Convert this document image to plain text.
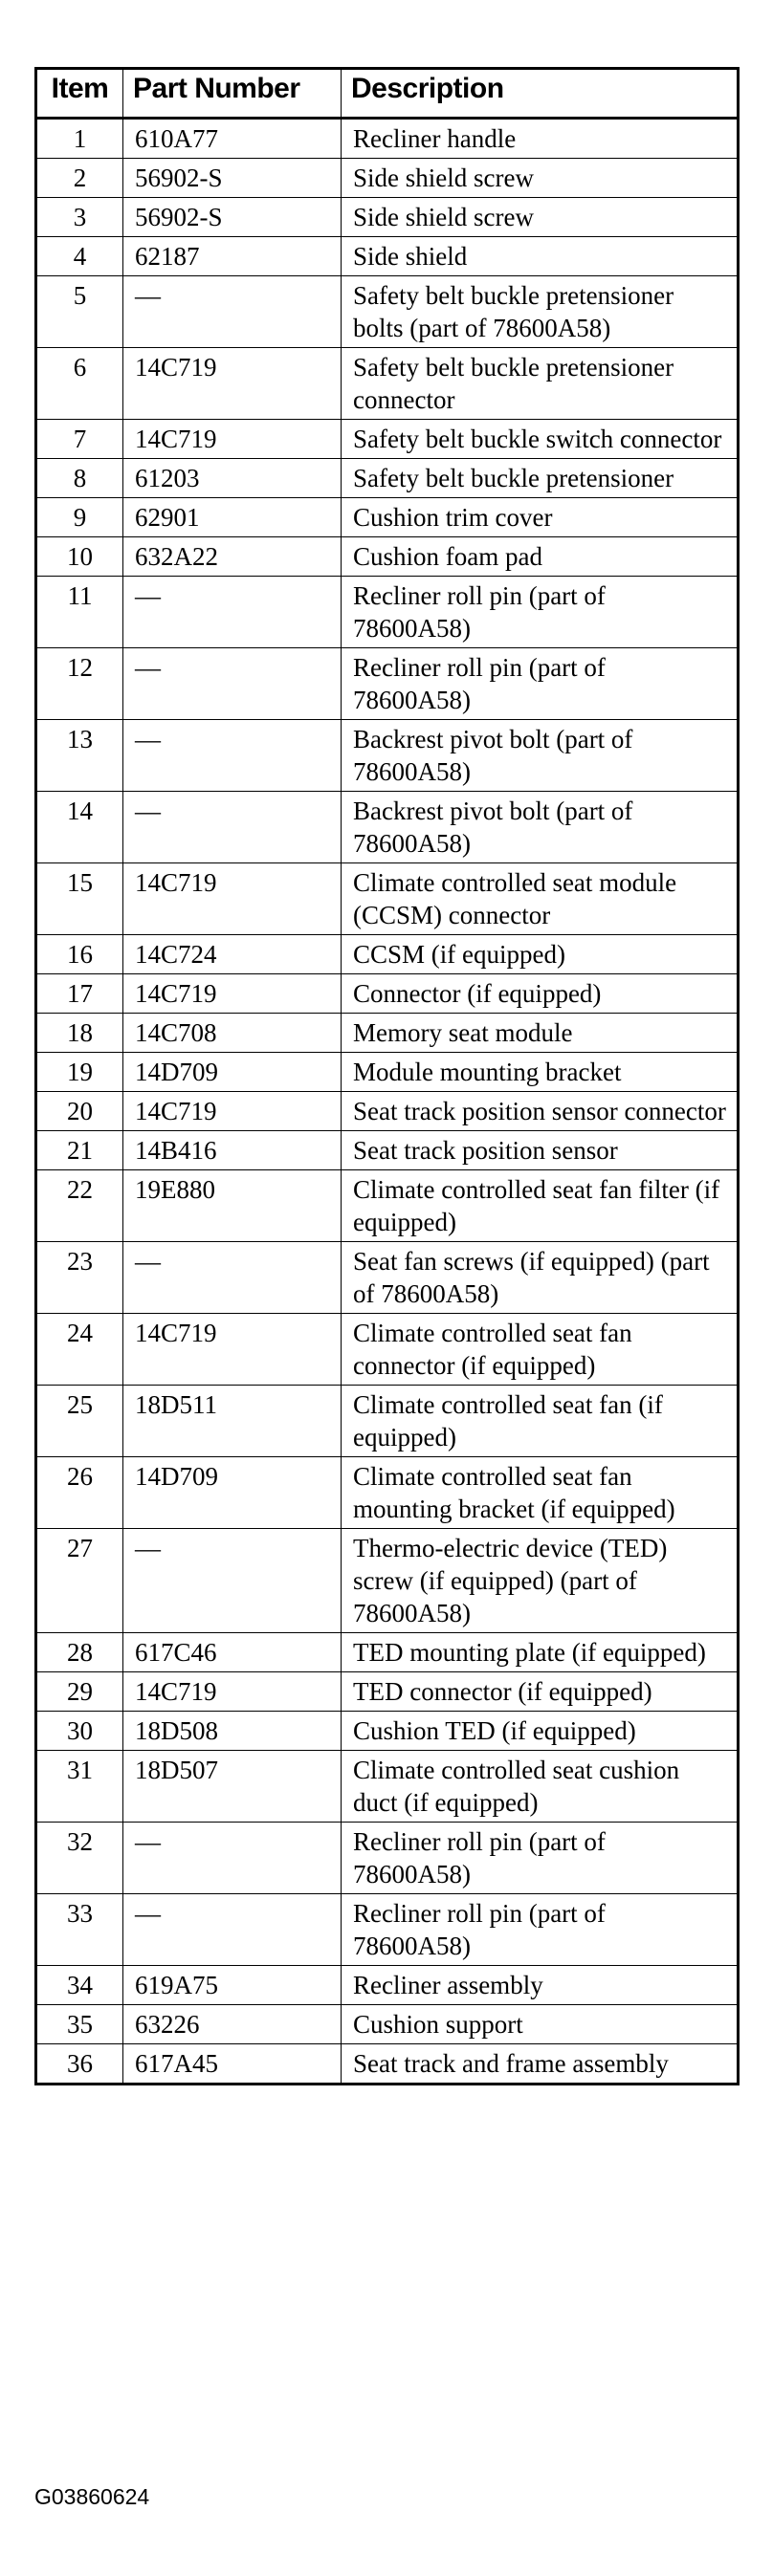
Item	Part Number	Description
1	610A77	Recliner handle
2	56902-S	Side shield screw
3	56902-S	Side shield screw
4	62187	Side shield
5	—	Safety belt buckle pretensioner bolts (part of 78600A58)
6	14C719	Safety belt buckle pretensioner connector
7	14C719	Safety belt buckle switch connector
8	61203	Safety belt buckle pretensioner
9	62901	Cushion trim cover
10	632A22	Cushion foam pad
11	—	Recliner roll pin (part of 78600A58)
12	—	Recliner roll pin (part of 78600A58)
13	—	Backrest pivot bolt (part of 78600A58)
14	—	Backrest pivot bolt (part of 78600A58)
15	14C719	Climate controlled seat module (CCSM) connector
16	14C724	CCSM (if equipped)
17	14C719	Connector (if equipped)
18	14C708	Memory seat module
19	14D709	Module mounting bracket
20	14C719	Seat track position sensor connector
21	14B416	Seat track position sensor
22	19E880	Climate controlled seat fan filter (if equipped)
23	—	Seat fan screws (if equipped) (part of 78600A58)
24	14C719	Climate controlled seat fan connector (if equipped)
25	18D511	Climate controlled seat fan (if equipped)
26	14D709	Climate controlled seat fan mounting bracket (if equipped)
27	—	Thermo-electric device (TED) screw (if equipped) (part of 78600A58)
28	617C46	TED mounting plate (if equipped)
29	14C719	TED connector (if equipped)
30	18D508	Cushion TED (if equipped)
31	18D507	Climate controlled seat cushion duct (if equipped)
32	—	Recliner roll pin (part of 78600A58)
33	—	Recliner roll pin (part of 78600A58)
34	619A75	Recliner assembly
35	63226	Cushion support
36	617A45	Seat track and frame assembly
G03860624
